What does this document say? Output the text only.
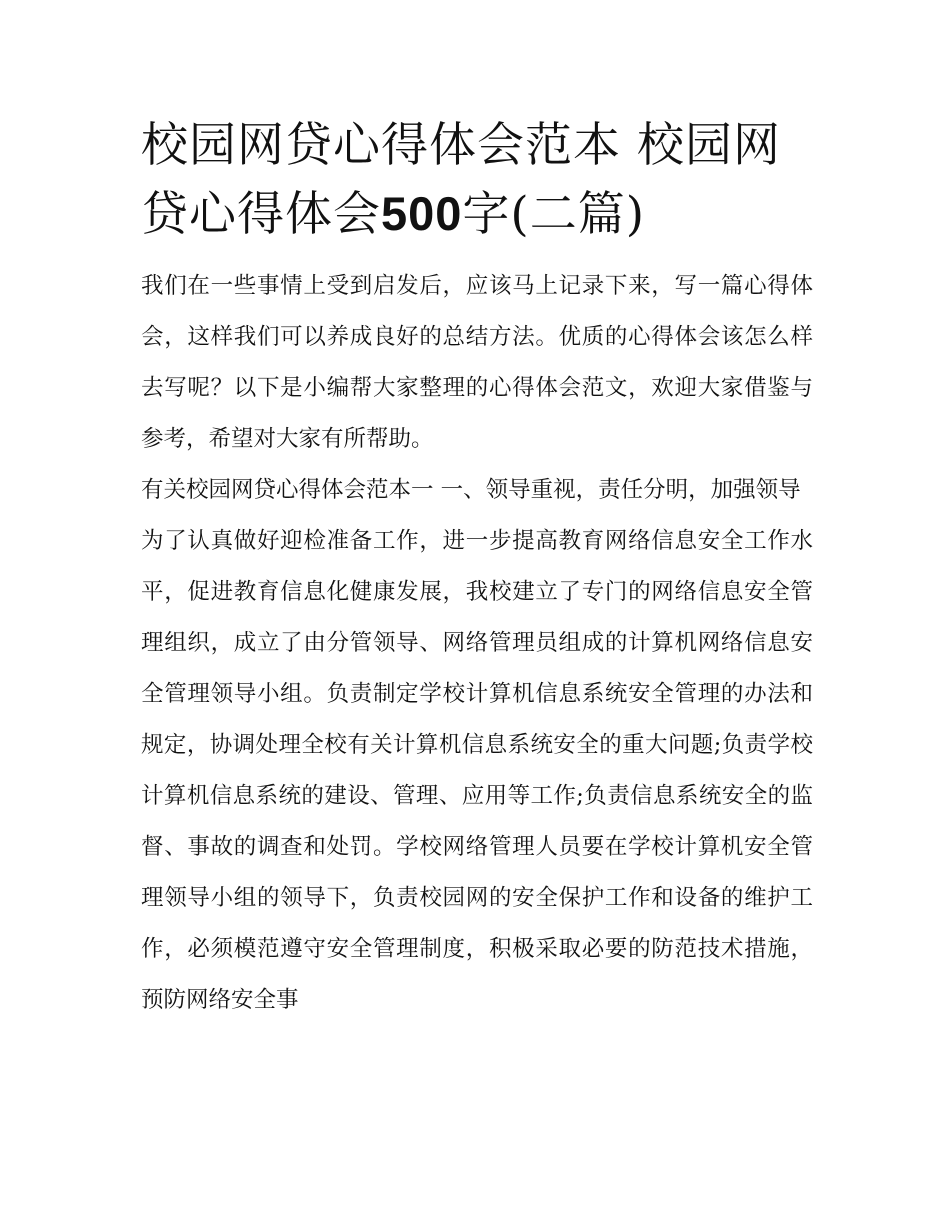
校园网贷心得体会范本 校园网贷心得体会500字(二篇)

我们在一些事情上受到启发后，应该马上记录下来，写一篇心得体会，这样我们可以养成良好的总结方法。优质的心得体会该怎么样去写呢？以下是小编帮大家整理的心得体会范文，欢迎大家借鉴与参考，希望对大家有所帮助。

有关校园网贷心得体会范本一 一、领导重视，责任分明，加强领导

为了认真做好迎检准备工作，进一步提高教育网络信息安全工作水平，促进教育信息化健康发展，我校建立了专门的网络信息安全管理组织，成立了由分管领导、网络管理员组成的计算机网络信息安全管理领导小组。负责制定学校计算机信息系统安全管理的办法和规定，协调处理全校有关计算机信息系统安全的重大问题;负责学校计算机信息系统的建设、管理、应用等工作;负责信息系统安全的监督、事故的调查和处罚。学校网络管理人员要在学校计算机安全管理领导小组的领导下，负责校园网的安全保护工作和设备的维护工作，必须模范遵守安全管理制度，积极采取必要的防范技术措施，预防网络安全事
